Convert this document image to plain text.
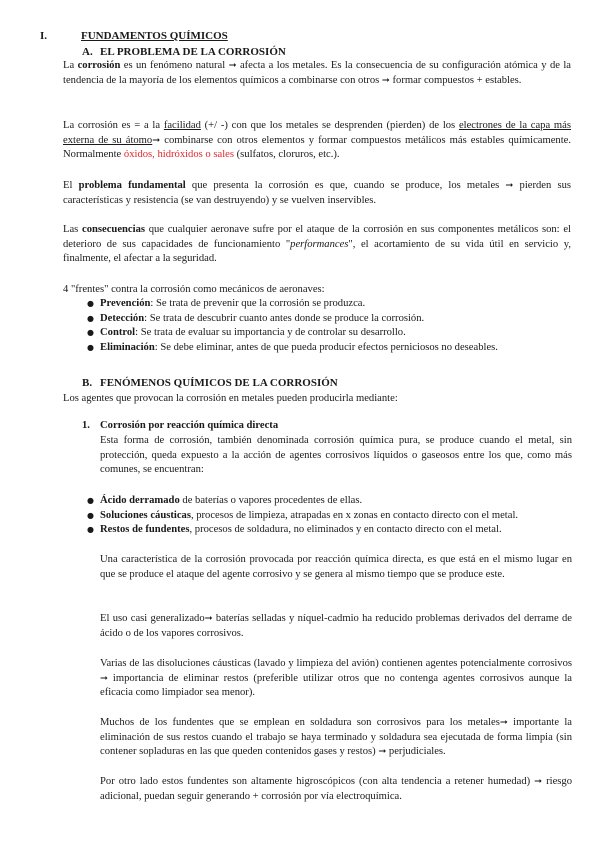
I.	FUNDAMENTOS QUÍMICOS
A. EL PROBLEMA DE LA CORROSIÓN
La corrosión es un fenómeno natural ➞ afecta a los metales. Es la consecuencia de su configuración atómica y de la tendencia de la mayoría de los elementos químicos a combinarse con otros ➞ formar compuestos + estables.
La corrosión es = a la facilidad (+/ -) con que los metales se desprenden (pierden) de los electrones de la capa más externa de su átomo➞ combinarse con otros elementos y formar compuestos metálicos más estables químicamente. Normalmente óxidos, hidróxidos o sales (sulfatos, cloruros, etc.).
El problema fundamental que presenta la corrosión es que, cuando se produce, los metales ➞ pierden sus características y resistencia (se van destruyendo) y se vuelven inservibles.
Las consecuencias que cualquier aeronave sufre por el ataque de la corrosión en sus componentes metálicos son: el deterioro de sus capacidades de funcionamiento "performances", el acortamiento de su vida útil en servicio y, finalmente, el afectar a la seguridad.
4 "frentes" contra la corrosión como mecánicos de aeronaves:
● Prevención: Se trata de prevenir que la corrosión se produzca.
● Detección: Se trata de descubrir cuanto antes donde se produce la corrosión.
● Control: Se trata de evaluar su importancia y de controlar su desarrollo.
● Eliminación: Se debe eliminar, antes de que pueda producir efectos perniciosos no deseables.
B. FENÓMENOS QUÍMICOS DE LA CORROSIÓN
Los agentes que provocan la corrosión en metales pueden producirla mediante:
1. Corrosión por reacción química directa
Esta forma de corrosión, también denominada corrosión química pura, se produce cuando el metal, sin protección, queda expuesto a la acción de agentes corrosivos líquidos o gaseosos entre los que, como más comunes, se encuentran:
● Ácido derramado de baterías o vapores procedentes de ellas.
● Soluciones cáusticas, procesos de limpieza, atrapadas en x zonas en contacto directo con el metal.
● Restos de fundentes, procesos de soldadura, no eliminados y en contacto directo con el metal.
Una característica de la corrosión provocada por reacción química directa, es que está en el mismo lugar en que se produce el ataque del agente corrosivo y se genera al mismo tiempo que se produce este.
El uso casi generalizado➞ baterías selladas y níquel-cadmio ha reducido problemas derivados del derrame de ácido o de los vapores corrosivos.
Varias de las disoluciones cáusticas (lavado y limpieza del avión) contienen agentes potencialmente corrosivos ➞ importancia de eliminar restos (preferible utilizar otros que no contenga agentes corrosivos aunque la eficacia como limpiador sea menor).
Muchos de los fundentes que se emplean en soldadura son corrosivos para los metales➞ importante la eliminación de sus restos cuando el trabajo se haya terminado y soldadura sea ejecutada de forma limpia (sin contener sopladuras en las que queden contenidos gases y restos) ➞ perjudiciales.
Por otro lado estos fundentes son altamente higroscópicos (con alta tendencia a retener humedad) ➞ riesgo adicional, puedan seguir generando + corrosión por vía electroquímica.
